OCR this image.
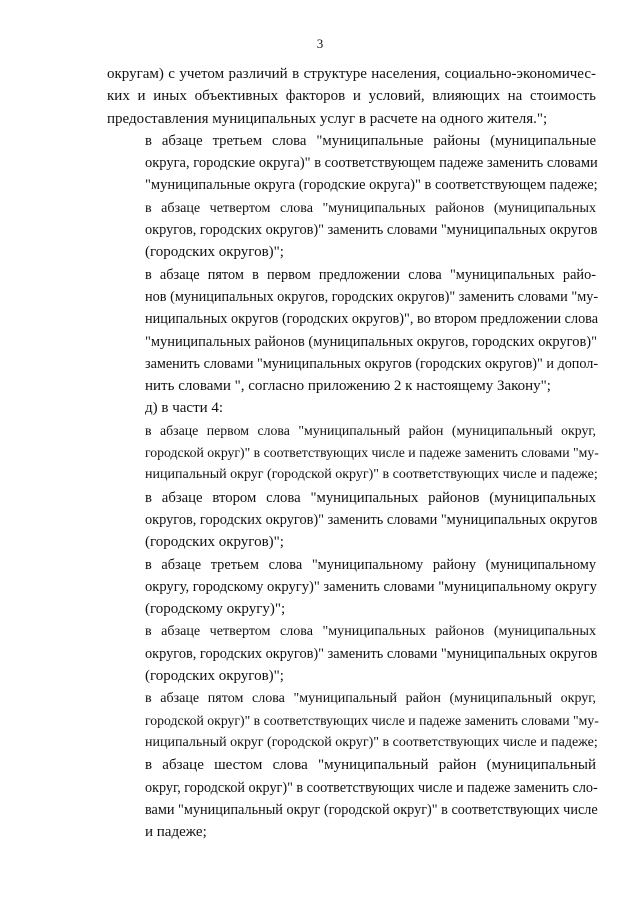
3

округам) с учетом различий в структуре населения, социально-экономичес-
ких и иных объективных факторов и условий, влияющих на стоимость
предоставления муниципальных услуг в расчете на одного жителя.";

в абзаце третьем слова "муниципальные районы (муниципальные
округа, городские округа)" в соответствующем падеже заменить словами
"муниципальные округа (городские округа)" в соответствующем падеже;

в абзаце четвертом слова "муниципальных районов (муниципальных
округов, городских округов)" заменить словами "муниципальных округов
(городских округов)";

в абзаце пятом в первом предложении слова "муниципальных райо-
нов (муниципальных округов, городских округов)" заменить словами "му-
ниципальных округов (городских округов)", во втором предложении слова
"муниципальных районов (муниципальных округов, городских округов)"
заменить словами "муниципальных округов (городских округов)" и допол-
нить словами ", согласно приложению 2 к настоящему Закону";

д) в части 4:

в абзаце первом слова "муниципальный район (муниципальный округ,
городской округ)" в соответствующих числе и падеже заменить словами "му-
ниципальный округ (городской округ)" в соответствующих числе и падеже;

в абзаце втором слова "муниципальных районов (муниципальных
округов, городских округов)" заменить словами "муниципальных округов
(городских округов)";

в абзаце третьем слова "муниципальному району (муниципальному
округу, городскому округу)" заменить словами "муниципальному округу
(городскому округу)";

в абзаце четвертом слова "муниципальных районов (муниципальных
округов, городских округов)" заменить словами "муниципальных округов
(городских округов)";

в абзаце пятом слова "муниципальный район (муниципальный округ,
городской округ)" в соответствующих числе и падеже заменить словами "му-
ниципальный округ (городской округ)" в соответствующих числе и падеже;

в абзаце шестом слова "муниципальный район (муниципальный
округ, городской округ)" в соответствующих числе и падеже заменить сло-
вами "муниципальный округ (городской округ)" в соответствующих числе
и падеже;
